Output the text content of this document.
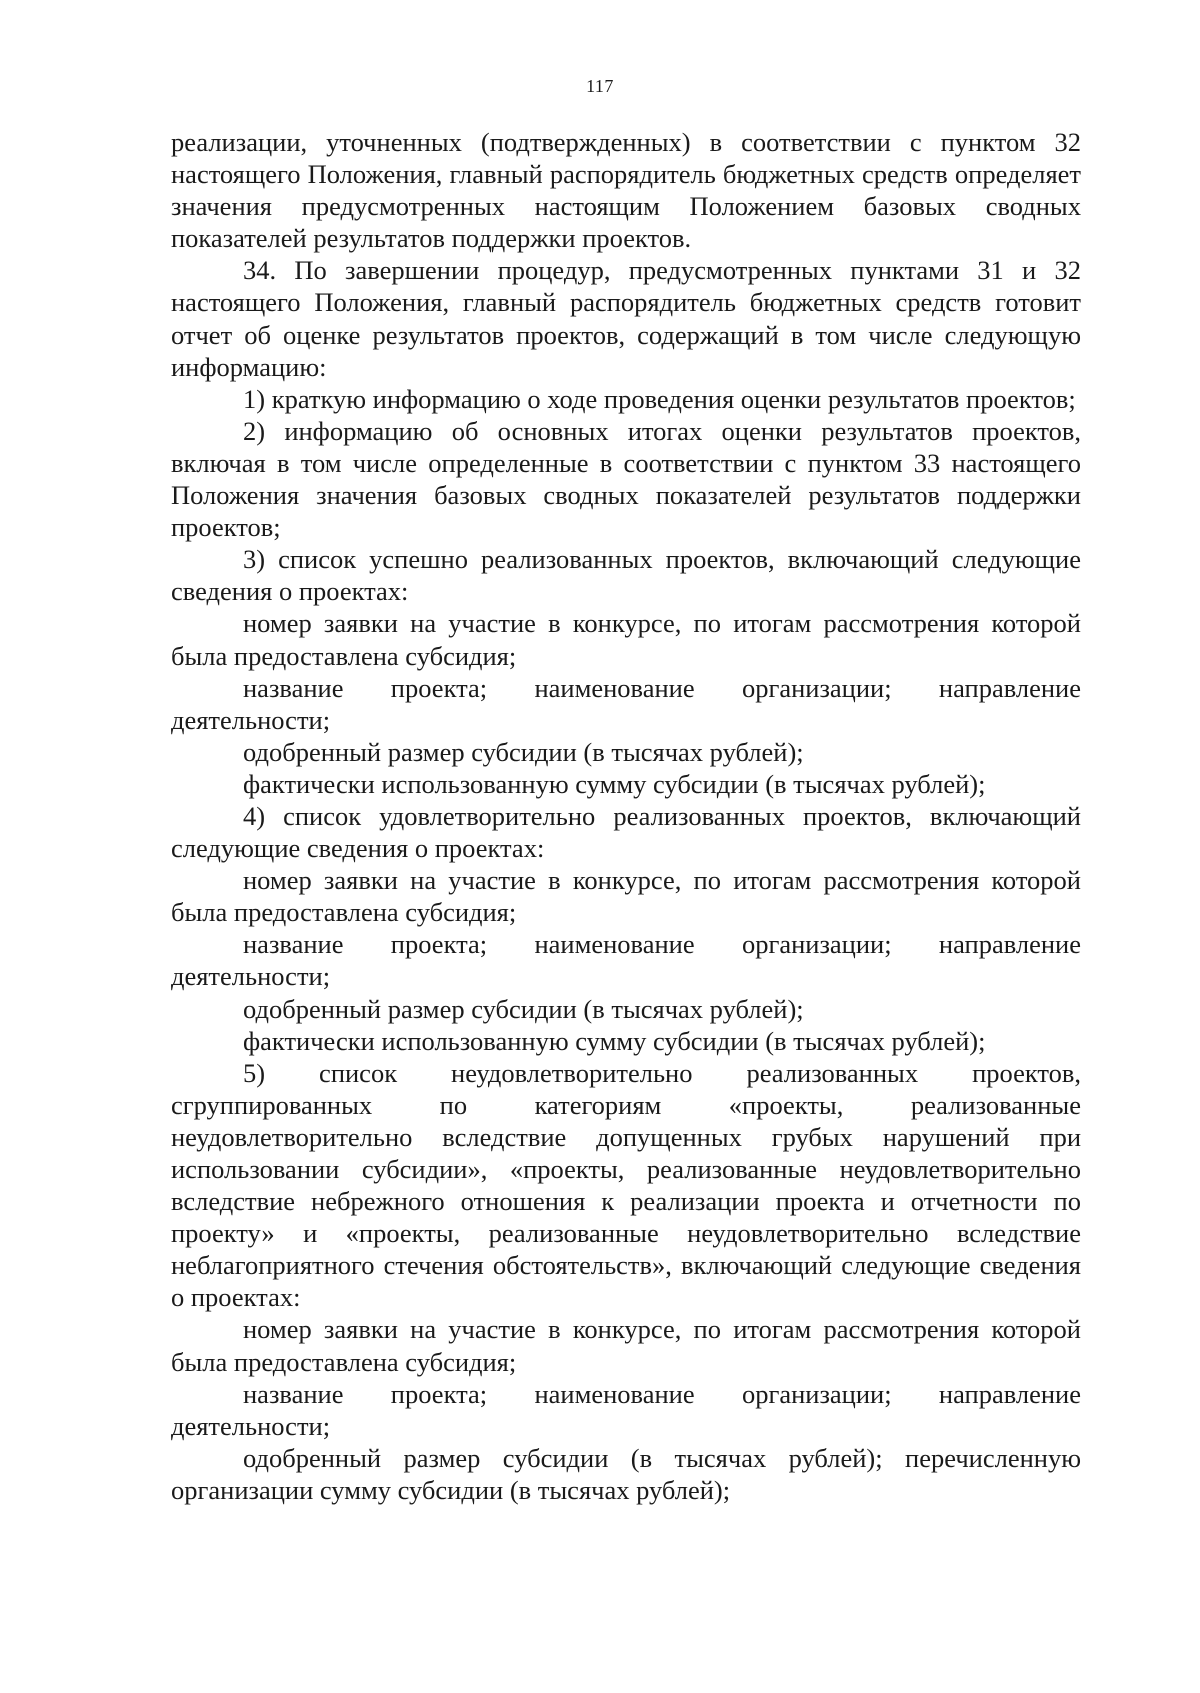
117

реализации, уточненных (подтвержденных) в соответствии с пунктом 32 настоящего Положения, главный распорядитель бюджетных средств определяет значения предусмотренных настоящим Положением базовых сводных показателей результатов поддержки проектов.

34. По завершении процедур, предусмотренных пунктами 31 и 32 настоящего Положения, главный распорядитель бюджетных средств готовит отчет об оценке результатов проектов, содержащий в том числе следующую информацию:

1) краткую информацию о ходе проведения оценки результатов проектов;

2) информацию об основных итогах оценки результатов проектов, включая в том числе определенные в соответствии с пунктом 33 настоящего Положения значения базовых сводных показателей результатов поддержки проектов;

3) список успешно реализованных проектов, включающий следующие сведения о проектах:

номер заявки на участие в конкурсе, по итогам рассмотрения которой была предоставлена субсидия;

название проекта; наименование организации; направление деятельности;

одобренный размер субсидии (в тысячах рублей);

фактически использованную сумму субсидии (в тысячах рублей);

4) список удовлетворительно реализованных проектов, включающий следующие сведения о проектах:

номер заявки на участие в конкурсе, по итогам рассмотрения которой была предоставлена субсидия;

название проекта; наименование организации; направление деятельности;

одобренный размер субсидии (в тысячах рублей);

фактически использованную сумму субсидии (в тысячах рублей);

5) список неудовлетворительно реализованных проектов, сгруппированных по категориям «проекты, реализованные неудовлетворительно вследствие допущенных грубых нарушений при использовании субсидии», «проекты, реализованные неудовлетворительно вследствие небрежного отношения к реализации проекта и отчетности по проекту» и «проекты, реализованные неудовлетворительно вследствие неблагоприятного стечения обстоятельств», включающий следующие сведения о проектах:

номер заявки на участие в конкурсе, по итогам рассмотрения которой была предоставлена субсидия;

название проекта; наименование организации; направление деятельности;

одобренный размер субсидии (в тысячах рублей); перечисленную организации сумму субсидии (в тысячах рублей);
